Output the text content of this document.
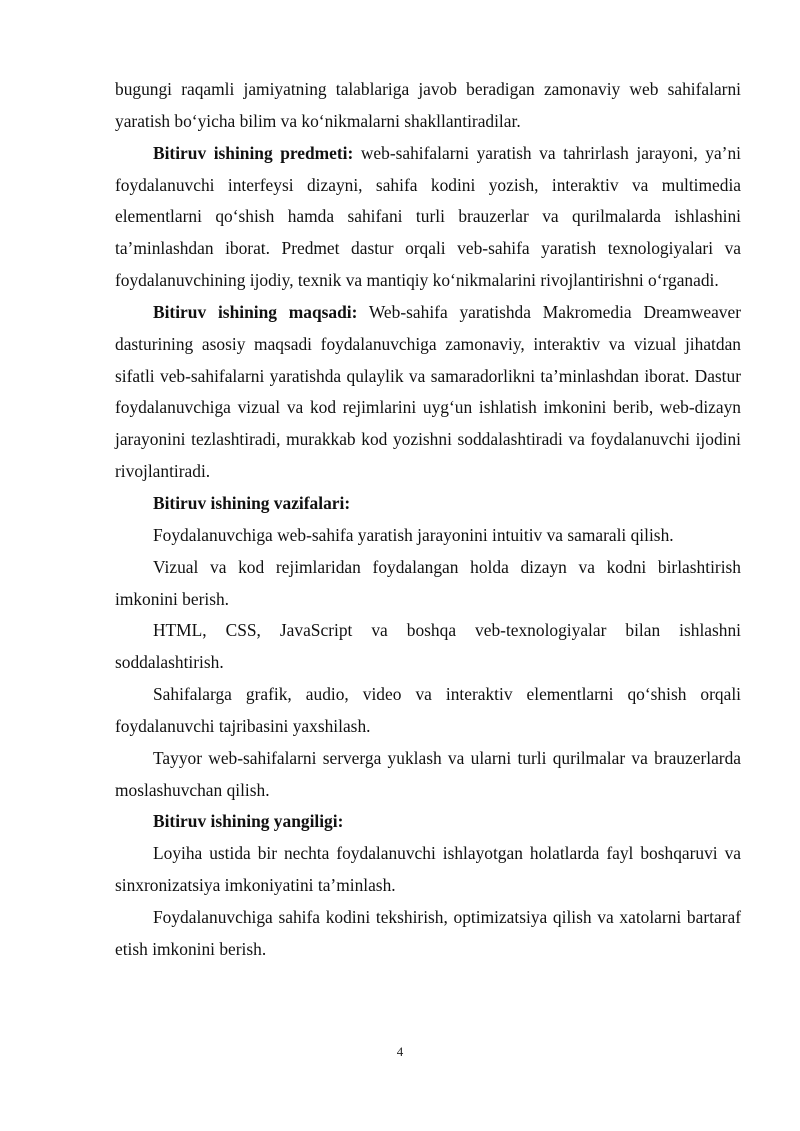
bugungi raqamli jamiyatning talablariga javob beradigan zamonaviy web sahifalarni yaratish bo‘yicha bilim va ko‘nikmalarni shakllantiradilar.

Bitiruv ishining predmeti: web-sahifalarni yaratish va tahrirlash jarayoni, ya’ni foydalanuvchi interfeysi dizayni, sahifa kodini yozish, interaktiv va multimedia elementlarni qo‘shish hamda sahifani turli brauzerlar va qurilmalarda ishlashini ta’minlashdan iborat. Predmet dastur orqali veb-sahifa yaratish texnologiyalari va foydalanuvchining ijodiy, texnik va mantiqiy ko‘nikmalarini rivojlantirishni o‘rganadi.

Bitiruv ishining maqsadi: Web-sahifa yaratishda Makromedia Dreamweaver dasturining asosiy maqsadi foydalanuvchiga zamonaviy, interaktiv va vizual jihatdan sifatli veb-sahifalarni yaratishda qulaylik va samaradorlikni ta’minlashdan iborat. Dastur foydalanuvchiga vizual va kod rejimlarini uyg‘un ishlatish imkonini berib, web-dizayn jarayonini tezlashtiradi, murakkab kod yozishni soddalashtiradi va foydalanuvchi ijodini rivojlantiradi.

Bitiruv ishining vazifalari:

Foydalanuvchiga web-sahifa yaratish jarayonini intuitiv va samarali qilish.

Vizual va kod rejimlaridan foydalangan holda dizayn va kodni birlashtirish imkonini berish.

HTML, CSS, JavaScript va boshqa veb-texnologiyalar bilan ishlashni soddalashtirish.

Sahifalarga grafik, audio, video va interaktiv elementlarni qo‘shish orqali foydalanuvchi tajribasini yaxshilash.

Tayyor web-sahifalarni serverga yuklash va ularni turli qurilmalar va brauzerlarda moslashuvchan qilish.

Bitiruv ishining yangiligi:

Loyiha ustida bir nechta foydalanuvchi ishlayotgan holatlarda fayl boshqaruvi va sinxronizatsiya imkoniyatini ta’minlash.

Foydalanuvchiga sahifa kodini tekshirish, optimizatsiya qilish va xatolarni bartaraf etish imkonini berish.

4
